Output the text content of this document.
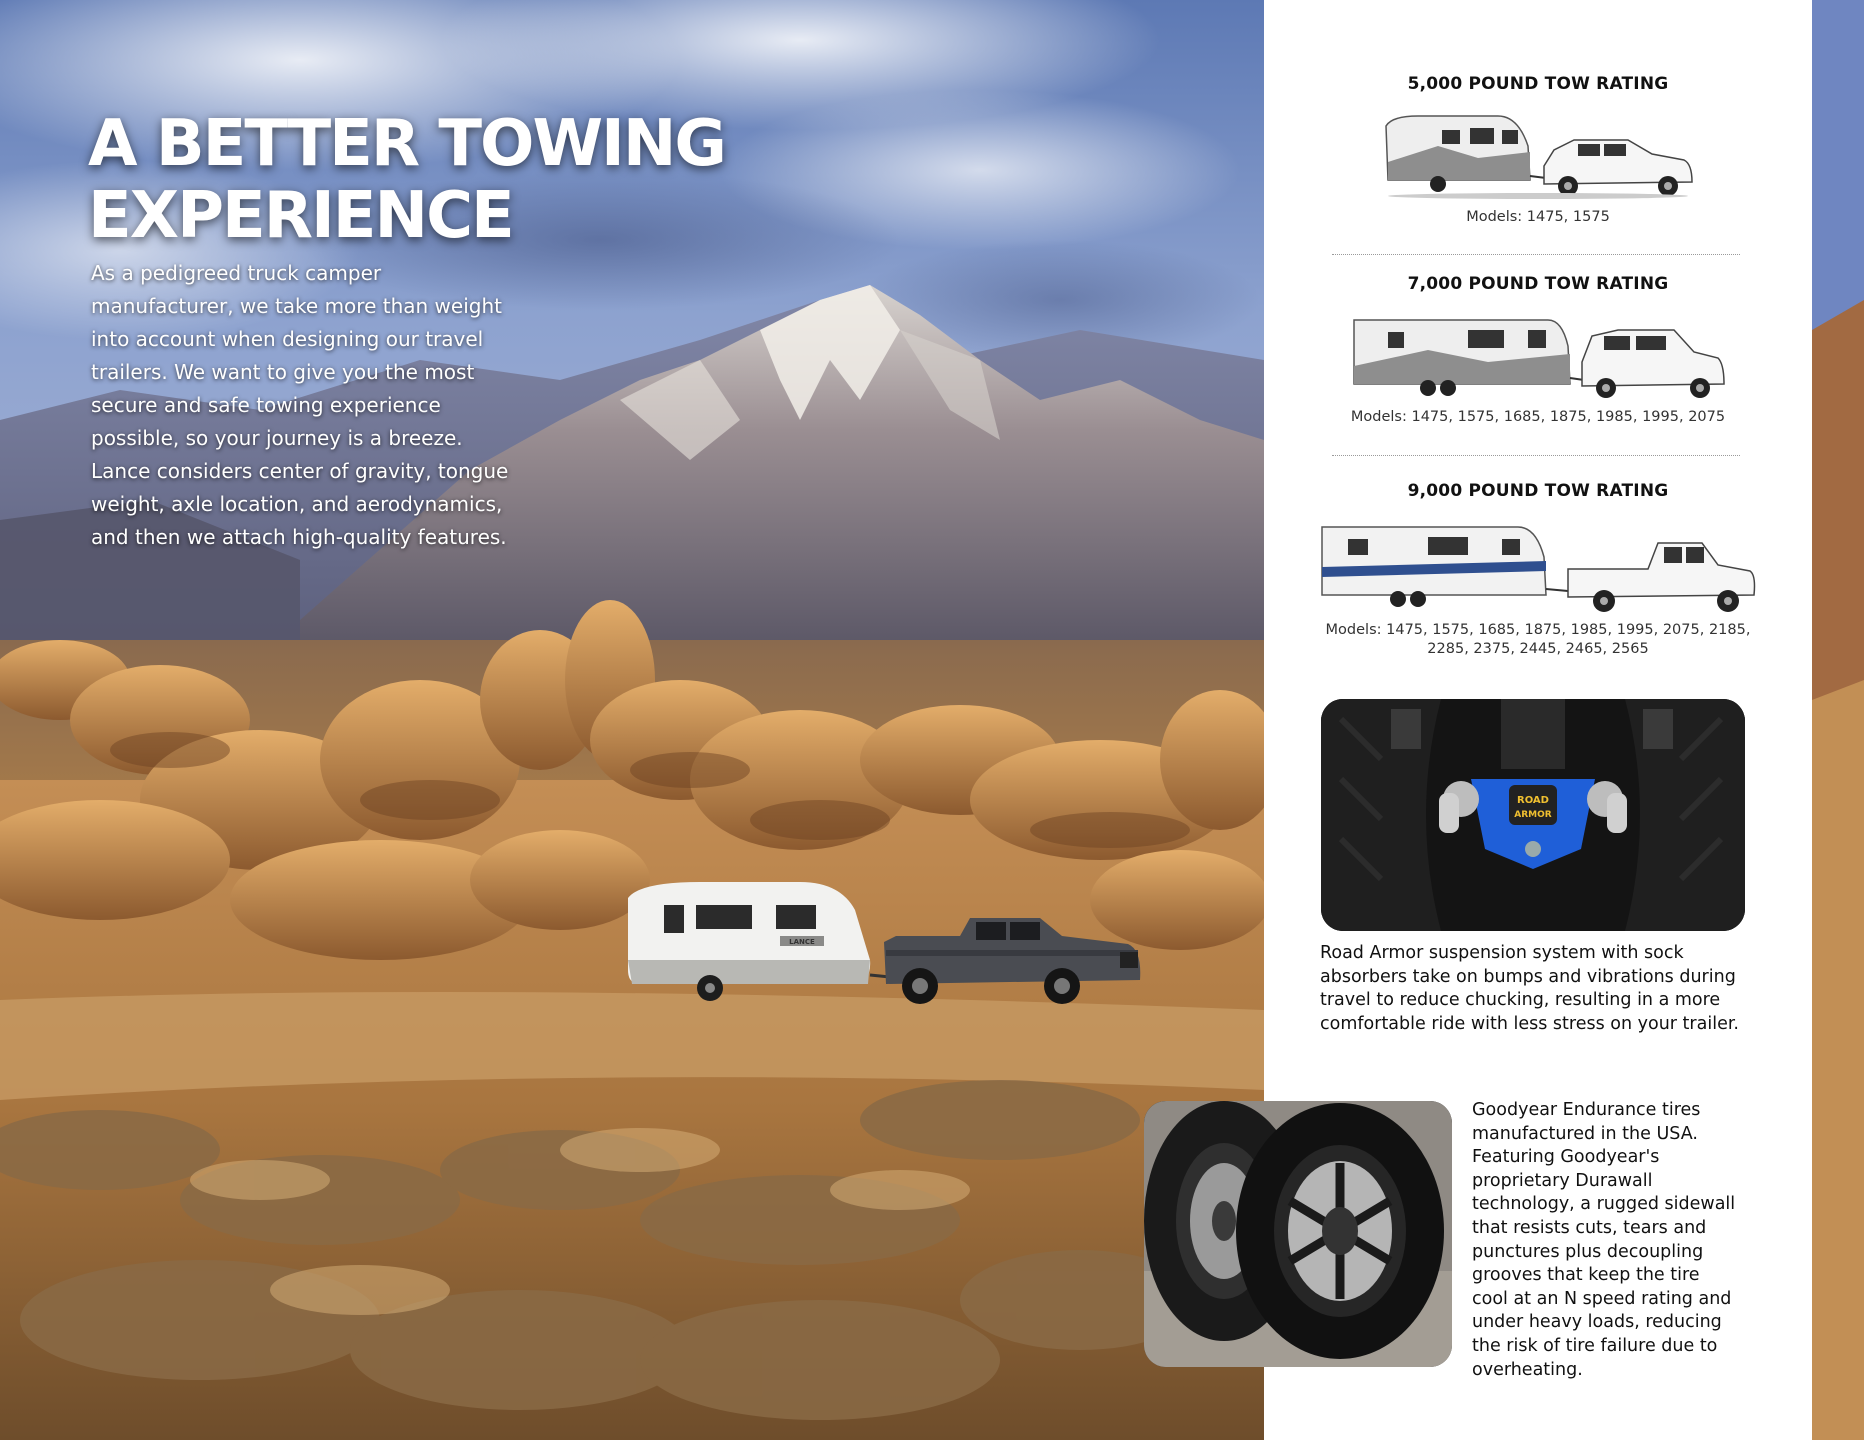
LANCE
A BETTER TOWING
EXPERIENCE

As a pedigreed truck camper manufacturer, we take more than weight into account when designing our travel trailers. We want to give you the most secure and safe towing experience possible, so your journey is a breeze. Lance considers center of gravity, tongue weight, axle location, and aerodynamics, and then we attach high-quality features.

5,000 POUND TOW RATING
Models: 1475, 1575
7,000 POUND TOW RATING
Models: 1475, 1575, 1685, 1875, 1985, 1995, 2075
9,000 POUND TOW RATING
Models: 1475, 1575, 1685, 1875, 1985, 1995, 2075, 2185,
2285, 2375, 2445, 2465, 2565
ROAD
ARMOR

Road Armor suspension system with sock absorbers take on bumps and vibrations during travel to reduce chucking, resulting in a more comfortable ride with less stress on your trailer.

Goodyear Endurance tires manufactured in the USA. Featuring Goodyear's proprietary Durawall technology, a rugged sidewall that resists cuts, tears and punctures plus decoupling grooves that keep the tire cool at an N speed rating and under heavy loads, reducing the risk of tire failure due to overheating.
